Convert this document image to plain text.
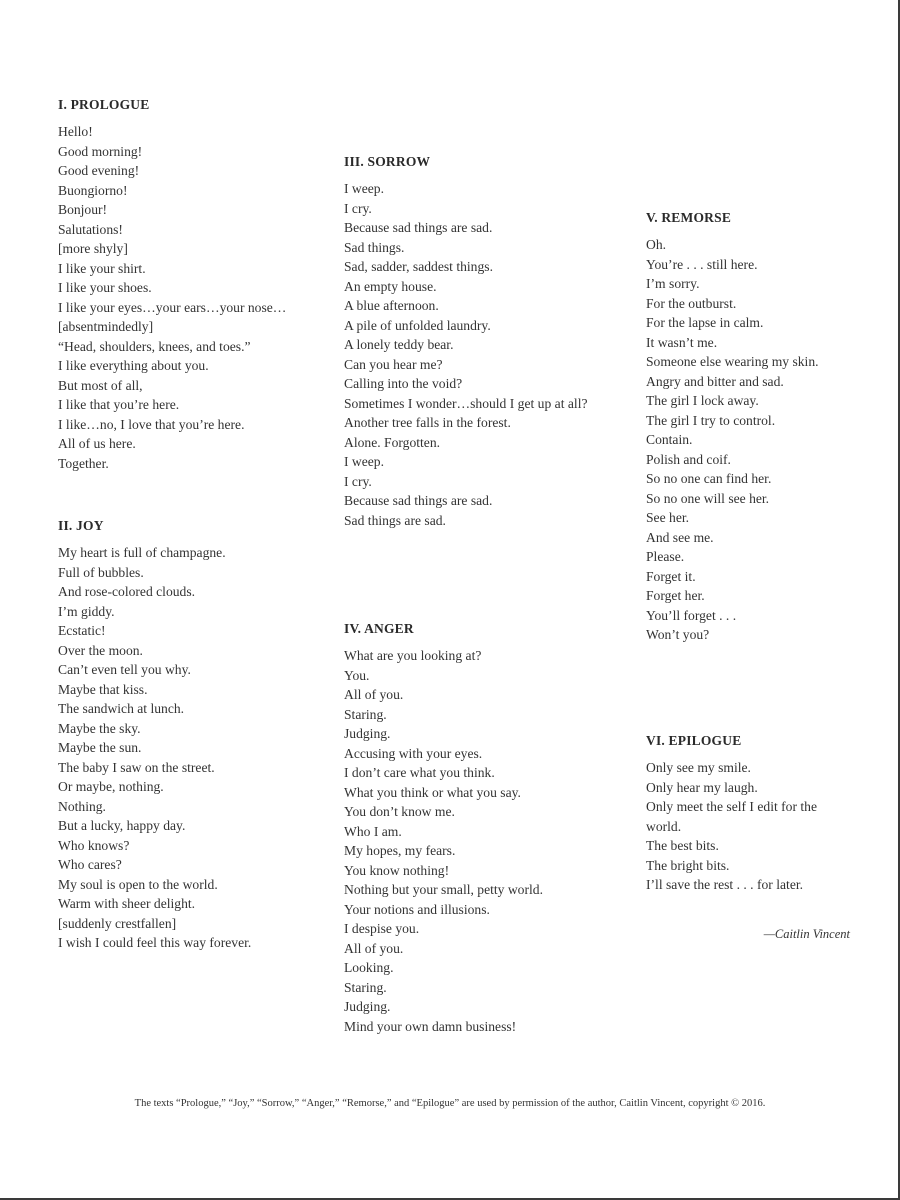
I. PROLOGUE
Hello!
Good morning!
Good evening!
Buongiorno!
Bonjour!
Salutations!
[more shyly]
I like your shirt.
I like your shoes.
I like your eyes…your ears…your nose…
[absentmindedly]
“Head, shoulders, knees, and toes.”
I like everything about you.
But most of all,
I like that you’re here.
I like…no, I love that you’re here.
All of us here.
Together.
II. JOY
My heart is full of champagne.
Full of bubbles.
And rose-colored clouds.
I’m giddy.
Ecstatic!
Over the moon.
Can’t even tell you why.
Maybe that kiss.
The sandwich at lunch.
Maybe the sky.
Maybe the sun.
The baby I saw on the street.
Or maybe, nothing.
Nothing.
But a lucky, happy day.
Who knows?
Who cares?
My soul is open to the world.
Warm with sheer delight.
[suddenly crestfallen]
I wish I could feel this way forever.
III. SORROW
I weep.
I cry.
Because sad things are sad.
Sad things.
Sad, sadder, saddest things.
An empty house.
A blue afternoon.
A pile of unfolded laundry.
A lonely teddy bear.
Can you hear me?
Calling into the void?
Sometimes I wonder…should I get up at all?
Another tree falls in the forest.
Alone. Forgotten.
I weep.
I cry.
Because sad things are sad.
Sad things are sad.
IV. ANGER
What are you looking at?
You.
All of you.
Staring.
Judging.
Accusing with your eyes.
I don’t care what you think.
What you think or what you say.
You don’t know me.
Who I am.
My hopes, my fears.
You know nothing!
Nothing but your small, petty world.
Your notions and illusions.
I despise you.
All of you.
Looking.
Staring.
Judging.
Mind your own damn business!
V. REMORSE
Oh.
You’re . . . still here.
I’m sorry.
For the outburst.
For the lapse in calm.
It wasn’t me.
Someone else wearing my skin.
Angry and bitter and sad.
The girl I lock away.
The girl I try to control.
Contain.
Polish and coif.
So no one can find her.
So no one will see her.
See her.
And see me.
Please.
Forget it.
Forget her.
You’ll forget . . .
Won’t you?
VI. EPILOGUE
Only see my smile.
Only hear my laugh.
Only meet the self I edit for the world.
The best bits.
The bright bits.
I’ll save the rest . . . for later.
—Caitlin Vincent
The texts “Prologue,” “Joy,” “Sorrow,” “Anger,” “Remorse,” and “Epilogue” are used by permission of the author, Caitlin Vincent, copyright © 2016.
